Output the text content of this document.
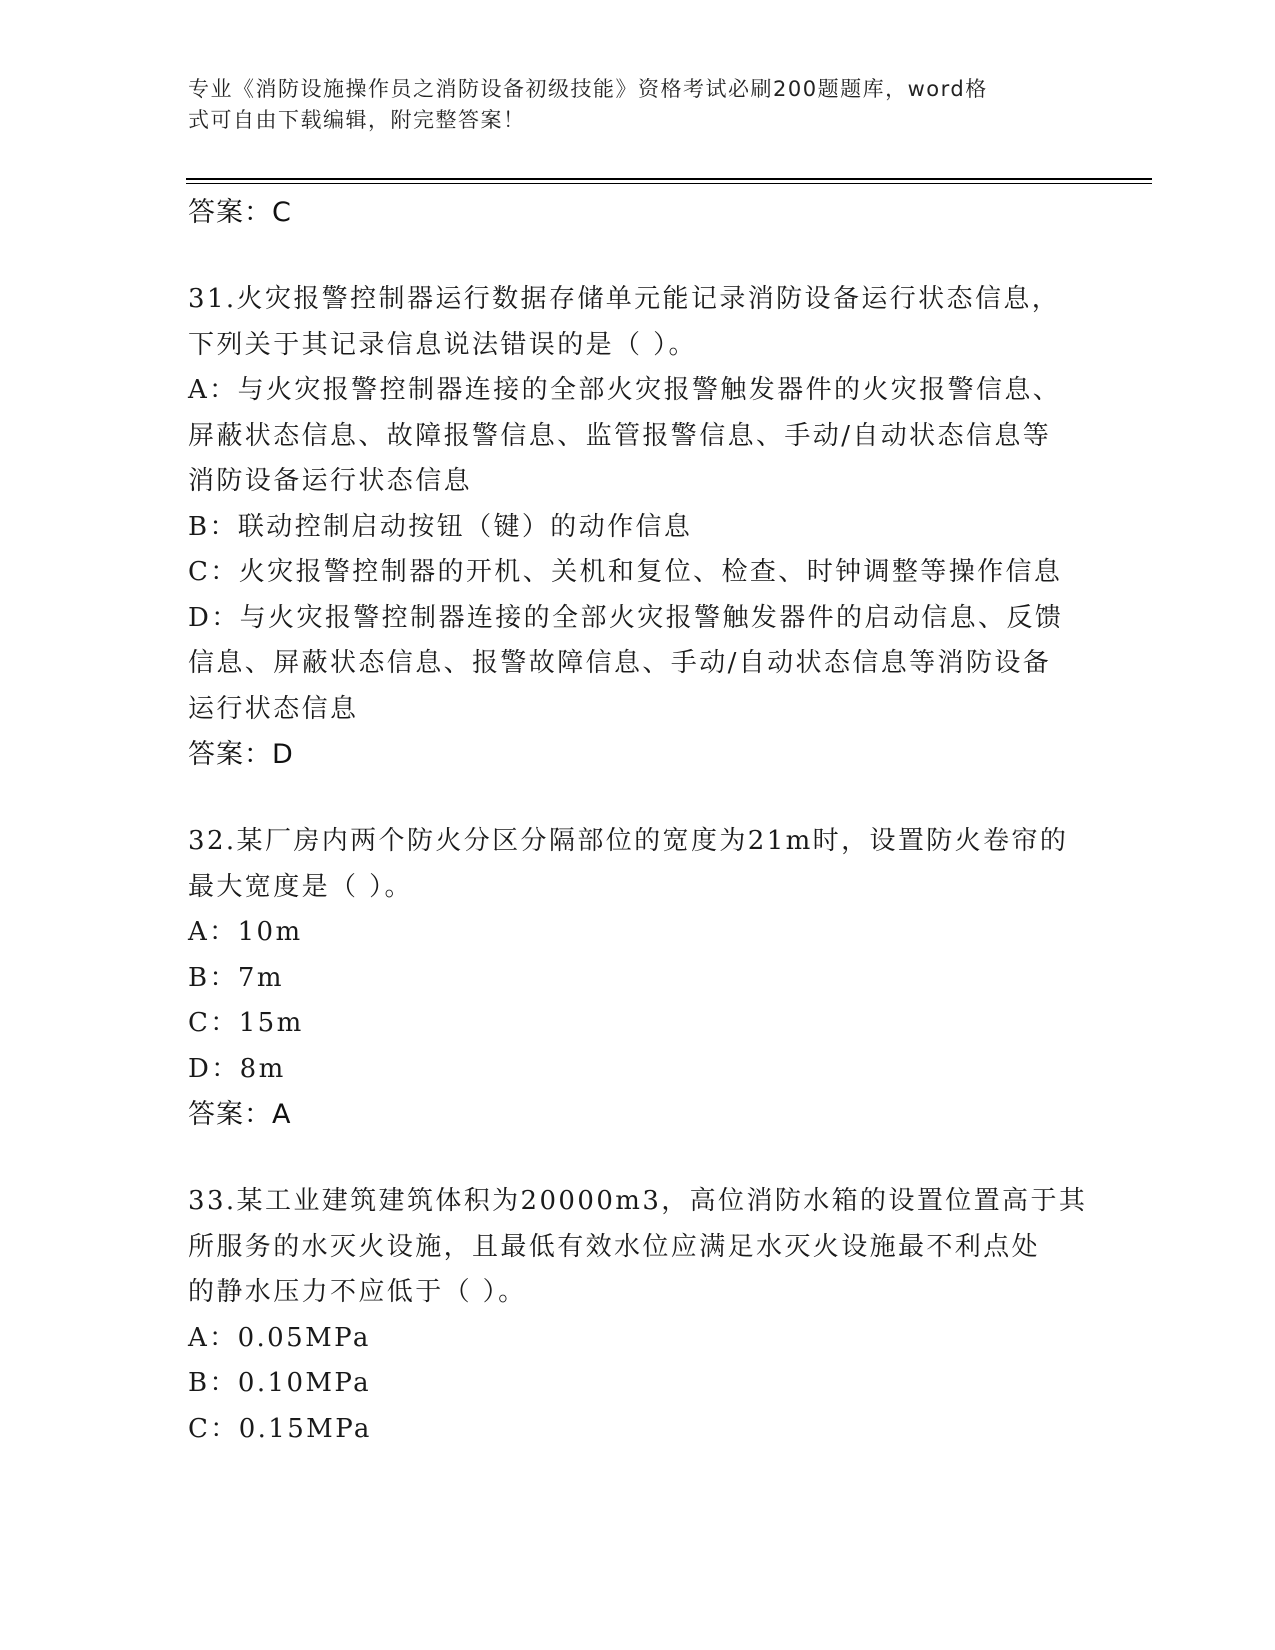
专业《消防设施操作员之消防设备初级技能》资格考试必刷200题题库，word格
式可自由下载编辑，附完整答案！
答案：C
31.火灾报警控制器运行数据存储单元能记录消防设备运行状态信息，
下列关于其记录信息说法错误的是（ ）。
A：与火灾报警控制器连接的全部火灾报警触发器件的火灾报警信息、
屏蔽状态信息、故障报警信息、监管报警信息、手动/自动状态信息等
消防设备运行状态信息
B：联动控制启动按钮（键）的动作信息
C：火灾报警控制器的开机、关机和复位、检查、时钟调整等操作信息
D：与火灾报警控制器连接的全部火灾报警触发器件的启动信息、反馈
信息、屏蔽状态信息、报警故障信息、手动/自动状态信息等消防设备
运行状态信息
答案：D
32.某厂房内两个防火分区分隔部位的宽度为21m时，设置防火卷帘的
最大宽度是（ ）。
A：10m
B：7m
C：15m
D：8m
答案：A
33.某工业建筑建筑体积为20000m3，高位消防水箱的设置位置高于其
所服务的水灭火设施，且最低有效水位应满足水灭火设施最不利点处
的静水压力不应低于（ ）。
A：0.05MPa
B：0.10MPa
C：0.15MPa
